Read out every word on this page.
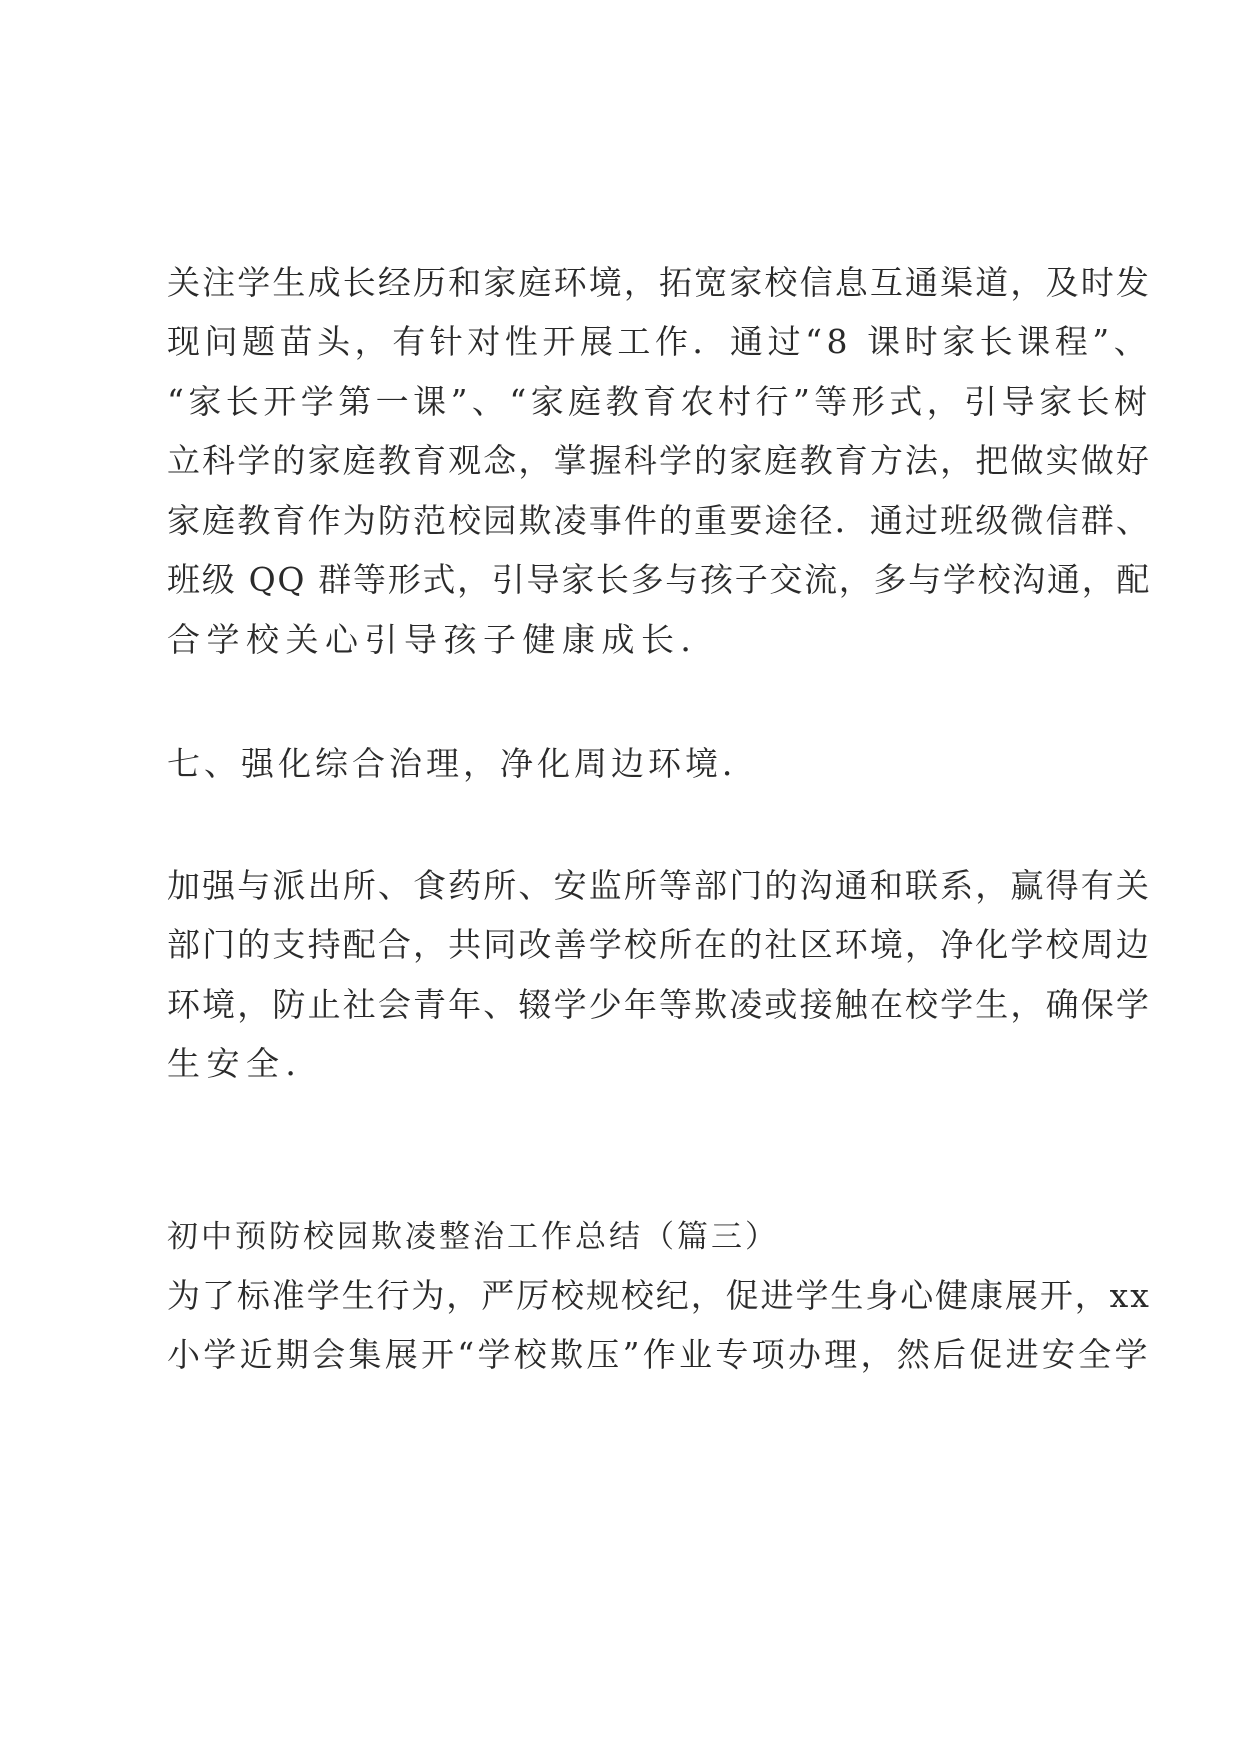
关注学生成长经历和家庭环境，拓宽家校信息互通渠道，及时发

现问题苗头，有针对性开展工作．通过“8 课时家长课程”、

“家长开学第一课”、“家庭教育农村行”等形式，引导家长树

立科学的家庭教育观念，掌握科学的家庭教育方法，把做实做好

家庭教育作为防范校园欺凌事件的重要途径．通过班级微信群、

班级 QQ 群等形式，引导家长多与孩子交流，多与学校沟通，配

合学校关心引导孩子健康成长．

七、强化综合治理，净化周边环境．

加强与派出所、食药所、安监所等部门的沟通和联系，赢得有关

部门的支持配合，共同改善学校所在的社区环境，净化学校周边

环境，防止社会青年、辍学少年等欺凌或接触在校学生，确保学

生安全．

初中预防校园欺凌整治工作总结（篇三）

为了标准学生行为，严厉校规校纪，促进学生身心健康展开，xx

小学近期会集展开“学校欺压”作业专项办理，然后促进安全学
